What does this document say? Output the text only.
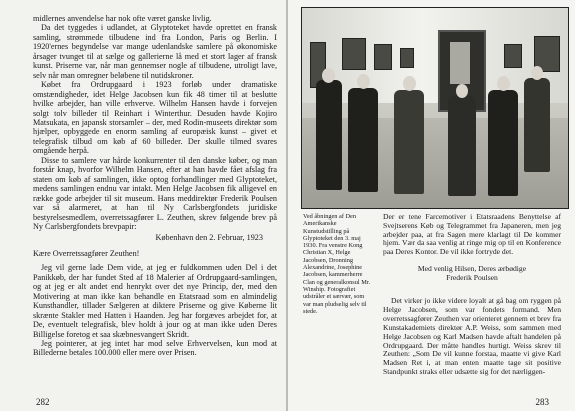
midlernes anvendelse har nok ofte været ganske livlig.

Da det tyggedes i udlandet, at Glyptoteket havde oprettet en fransk samling, strømmede tilbudene ind fra London, Paris og Berlin. I 1920'ernes begyndelse var mange udenlandske samlere på økonomiske årsager tvunget til at sælge og gallerierne lå med et stort lager af fransk kunst. Priserne var, når man gennemser nogle af tilbudene, utroligt lave, selv når man omregner beløbene til nutidskroner.

Købet fra Ordrupgaard i 1923 forløb under dramatiske omstændigheder, idet Helge Jacobsen kun fik 48 timer til at beslutte hvilke arbejder, han ville erhverve. Wilhelm Hansen havde i forvejen solgt tolv billeder til Reinhart i Winterthur. Desuden havde Kojiro Matsukata, en japansk storsamler – der, med Rodin-museets direktør som hjælper, opbyggede en enorm samling af europæisk kunst – givet et telegrafisk tilbud om køb af 60 billeder. Der skulle tilmed svares omgående herpå.

Disse to samlere var hårde konkurrenter til den danske køber, og man forstår knap, hvorfor Wilhelm Hansen, efter at han havde fået afslag fra staten om køb af samlingen, ikke optog forhandlinger med Glyptoteket, medens samlingen endnu var intakt. Men Helge Jacobsen fik alligevel en række gode arbejder til sit museum. Hans meddirektør Frederik Poulsen var så alarmeret, at han til Ny Carlsbergfondets juridiske bestyrelsesmedlem, overretssagfører L. Zeuthen, skrev følgende brev på Ny Carlsbergfondets brevpapir:

København den 2. Februar, 1923

Kære Overretssagfører Zeuthen!

Jeg vil gerne lade Dem vide, at jeg er fuldkommen uden Del i det Panikkøb, der har fundet Sted af 18 Malerier af Ordrupgaard-samlingen, og at jeg er alt andet end henrykt over det nye Princip, der, med den Motivering at man ikke kan behandle en Etatsraad som en almindelig Kunsthandler, tillader Sælgeren at diktere Priserne og give Køberne lit skrænte Stakler med Hatten i Haanden. Jeg har forgæves arbejdet for, at De, eventuelt telegrafisk, blev holdt à jour og at man ikke uden Deres Billigelse foretog et saa skæbnesvangert Skridt.

Jeg pointerer, at jeg intet har mod selve Erhvervelsen, kun mod at Billederne betales 100.000 eller mere over Prisen.

282

Ved åbningen af Den Amerikanske Kunstudstilling på Glyptoteket den 3. maj 1930. Fra venstre Kong Christian X, Helge Jacobsen, Dronning Alexandrine, Josephine Jacobsen, kammerherre Clan og generalkonsul Mr. Winship. Fotografiet udstråler et særvær, som var man pludselig selv til stede.

Der er tene Farcemotiver i Etatsraadens Benyttelse af Svejtserens Køb og Telegrammet fra Japaneren, men jeg arbejder paa, at fra Sagen mere klarlagt til De kommer hjem. Vær da saa venlig at ringe mig op til en Konference paa Deres Kontor. De vil ikke fortryde det.

Med venlig Hilsen, Deres ærbødige

Frederik Poulsen

Det virker jo ikke videre loyalt at gå bag om ryggen på Helge Jacobsen, som var fondets formand. Men overretssagfører Zeuthen var orienteret gennem et brev fra Kunstakademiets direktør A.P. Weiss, som sammen med Helge Jacobsen og Karl Madsen havde aftalt handelen på Ordrupgaard. Der måtte handles hurtigt. Weiss skrev til Zeuthen: „Som De vil kunne forstaa, maatte vi give Karl Madsen Ret i, at man enten maatte tage sit positive Standpunkt straks eller udsætte sig for det nærliggen-

283
